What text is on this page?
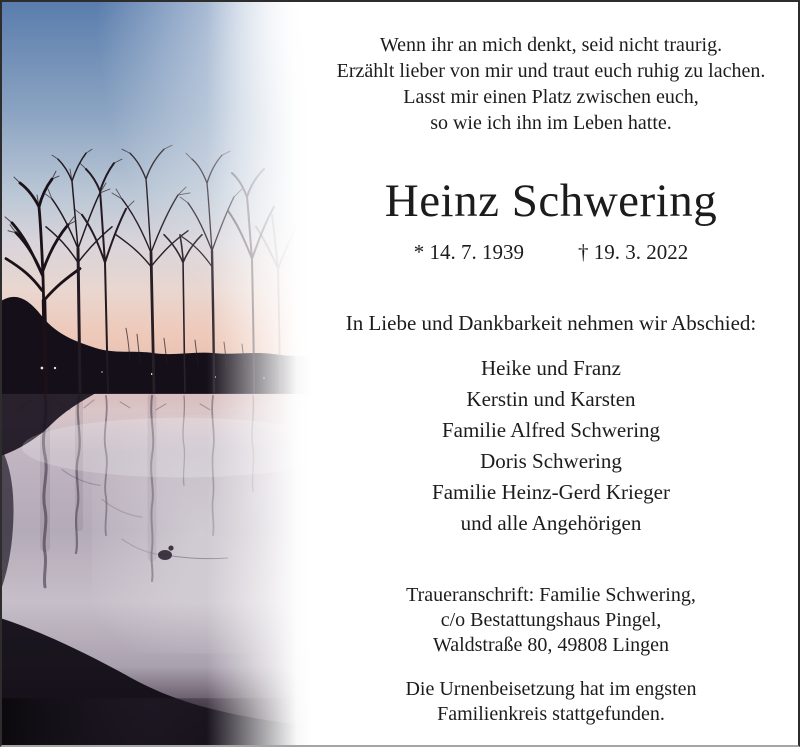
Wenn ihr an mich denkt, seid nicht traurig.
Erzählt lieber von mir und traut euch ruhig zu lachen.
Lasst mir einen Platz zwischen euch,
so wie ich ihn im Leben hatte.
Heinz Schwering
* 14. 7. 1939	† 19. 3. 2022
In Liebe und Dankbarkeit nehmen wir Abschied:
Heike und Franz
Kerstin und Karsten
Familie Alfred Schwering
Doris Schwering
Familie Heinz-Gerd Krieger
und alle Angehörigen
Traueranschrift: Familie Schwering,
c/o Bestattungshaus Pingel,
Waldstraße 80, 49808 Lingen
Die Urnenbeisetzung hat im engsten
Familienkreis stattgefunden.
